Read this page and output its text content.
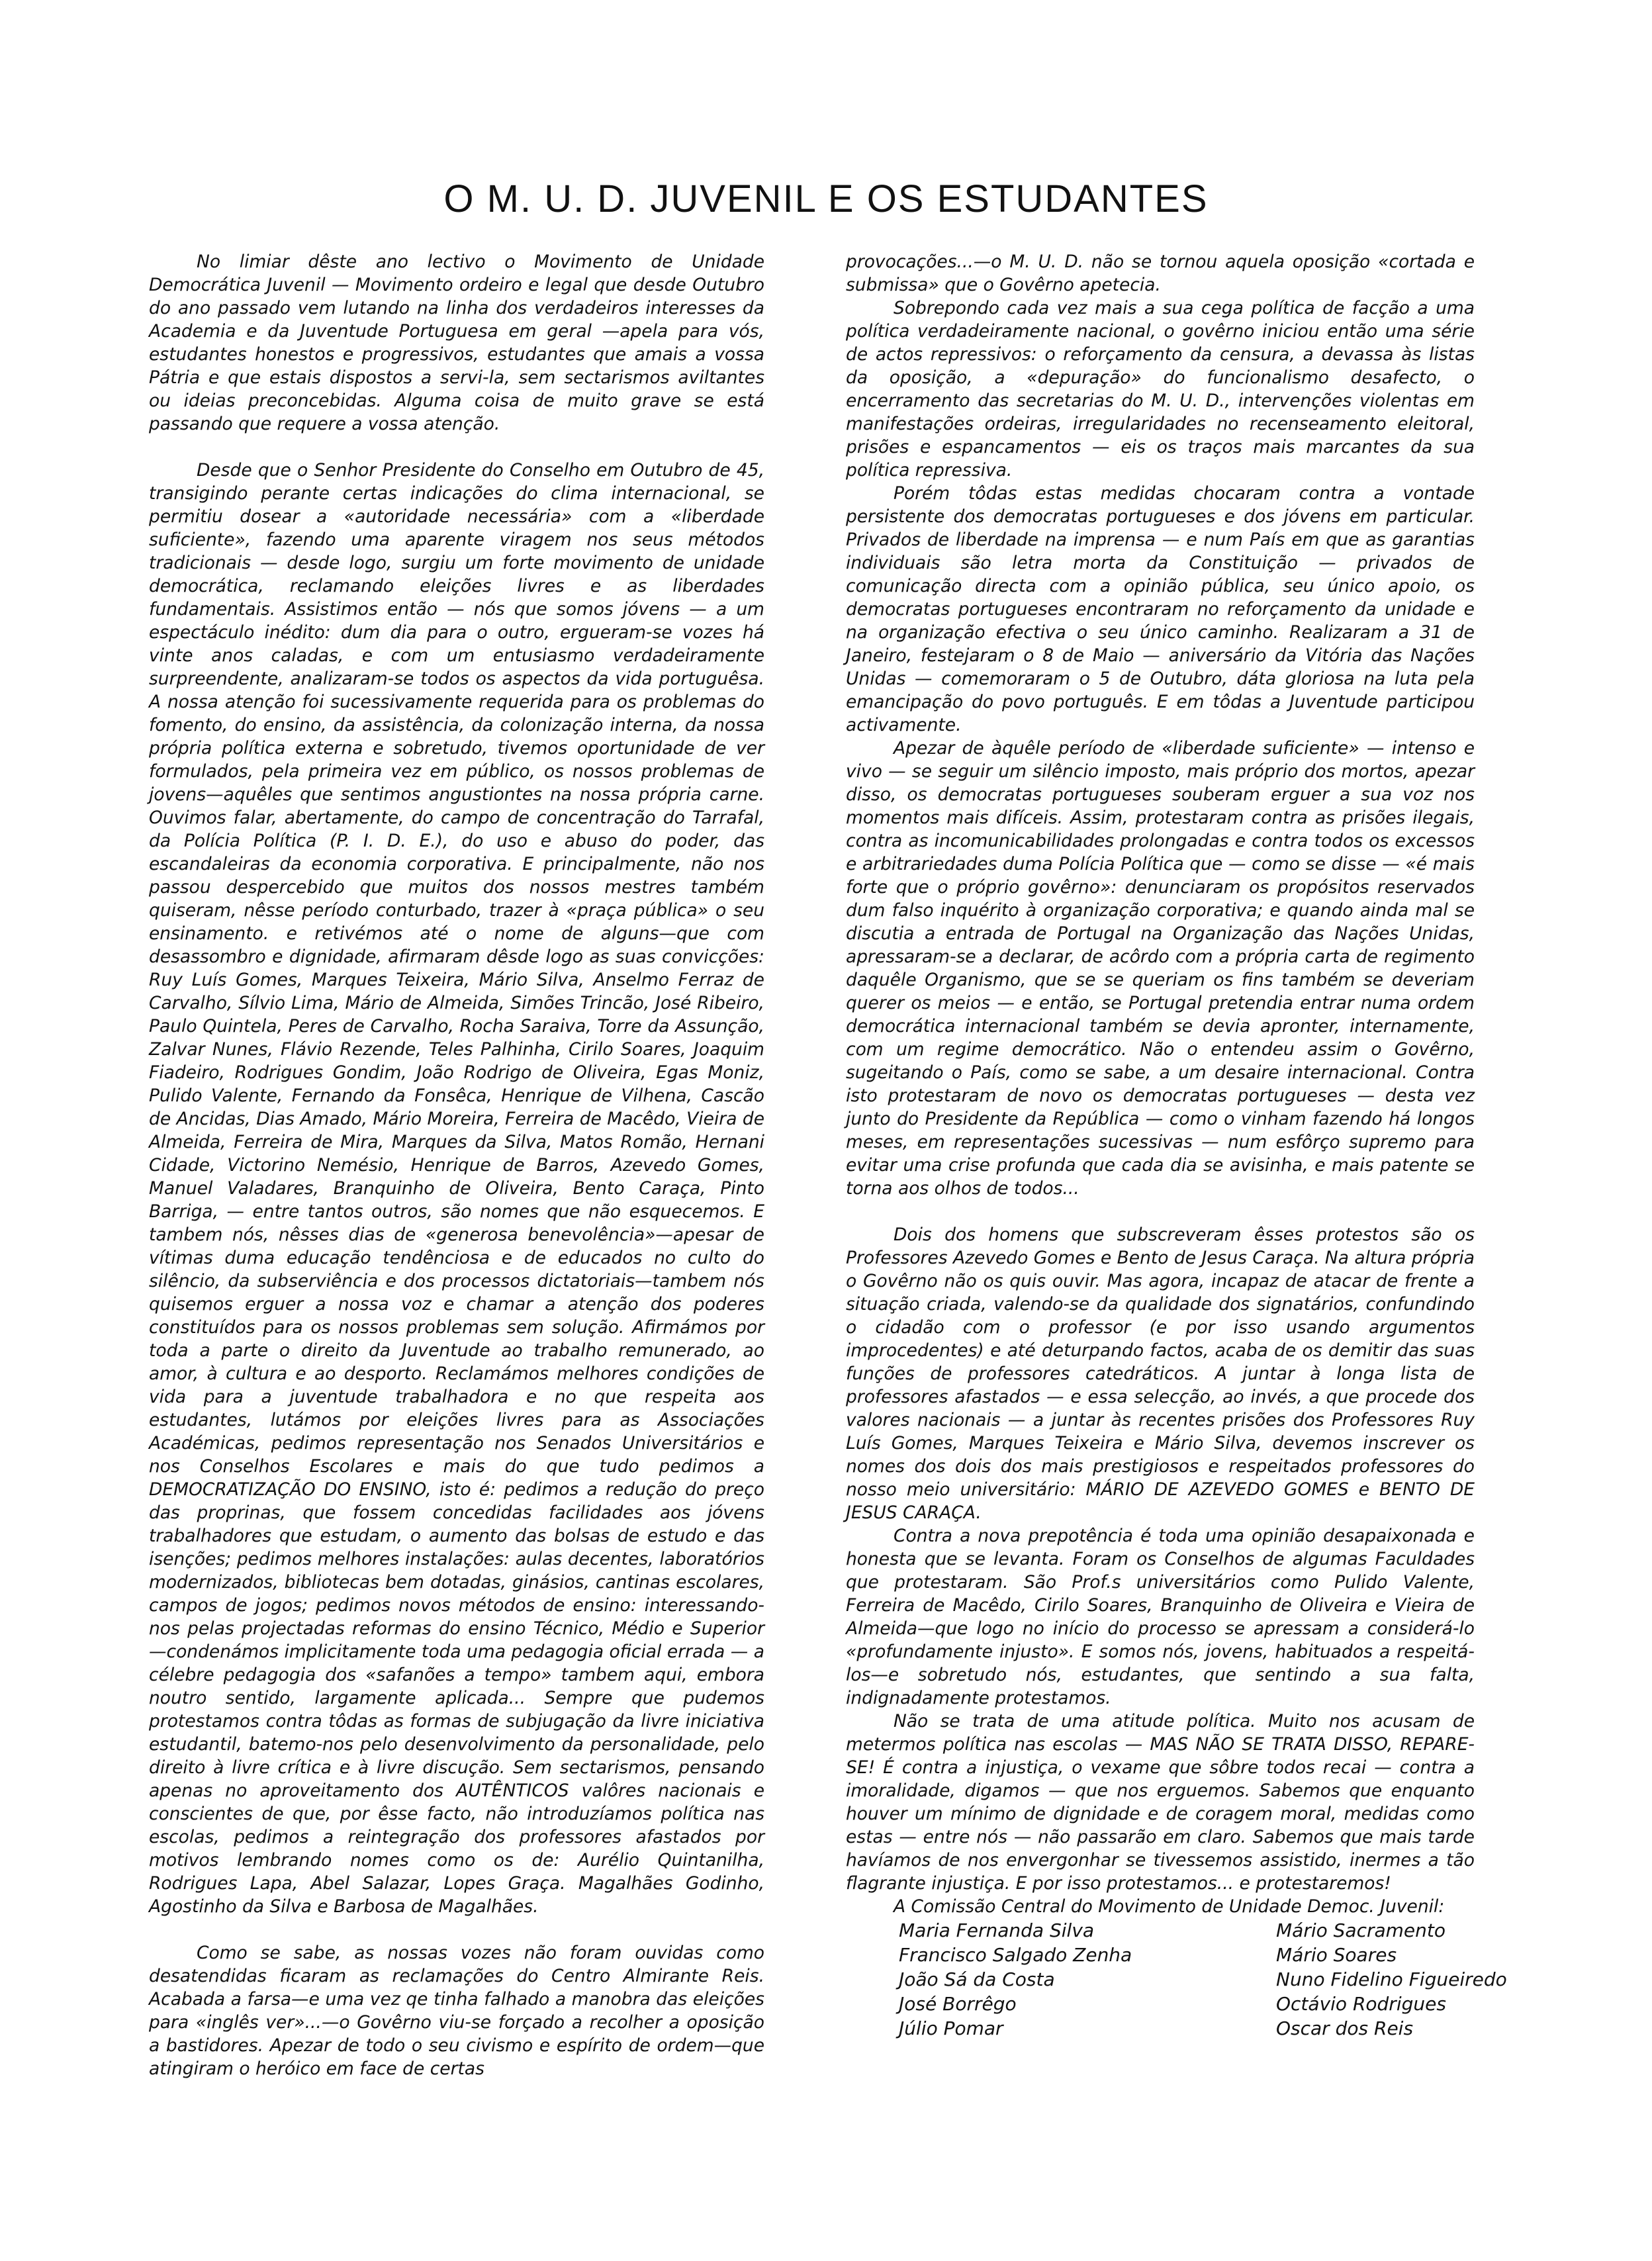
O M. U. D. JUVENIL E OS ESTUDANTES

No limiar dêste ano lectivo o Movimento de Unidade Democrática Juvenil — Movimento ordeiro e legal que desde Outubro do ano passado vem lutando na linha dos verdadeiros interesses da Academia e da Juventude Portuguesa em geral —apela para vós, estudantes honestos e progressivos, estudantes que amais a vossa Pátria e que estais dispostos a servi-la, sem sectarismos aviltantes ou ideias preconcebidas. Alguma coisa de muito grave se está passando que requere a vossa atenção.

Desde que o Senhor Presidente do Conselho em Outubro de 45, transigindo perante certas indicações do clima internacional, se permitiu dosear a «autoridade necessária» com a «liberdade suficiente», fazendo uma aparente viragem nos seus métodos tradicionais — desde logo, surgiu um forte movimento de unidade democrática, reclamando eleições livres e as liberdades fundamentais. Assistimos então — nós que somos jóvens — a um espectáculo inédito: dum dia para o outro, ergueram-se vozes há vinte anos caladas, e com um entusiasmo verdadeiramente surpreendente, analizaram-se todos os aspectos da vida portuguêsa. A nossa atenção foi sucessivamente requerida para os problemas do fomento, do ensino, da assistência, da colonização interna, da nossa própria política externa e sobretudo, tivemos oportunidade de ver formulados, pela primeira vez em público, os nossos problemas de jovens—aquêles que sentimos angustiontes na nossa própria carne. Ouvimos falar, abertamente, do campo de concentração do Tarrafal, da Polícia Política (P. I. D. E.), do uso e abuso do poder, das escandaleiras da economia corporativa. E principalmente, não nos passou despercebido que muitos dos nossos mestres também quiseram, nêsse período conturbado, trazer à «praça pública» o seu ensinamento. e retivémos até o nome de alguns—que com desassombro e dignidade, afirmaram dêsde logo as suas convicções: Ruy Luís Gomes, Marques Teixeira, Mário Silva, Anselmo Ferraz de Carvalho, Sílvio Lima, Mário de Almeida, Simões Trincão, José Ribeiro, Paulo Quintela, Peres de Carvalho, Rocha Saraiva, Torre da Assunção, Zalvar Nunes, Flávio Rezende, Teles Palhinha, Cirilo Soares, Joaquim Fiadeiro, Rodrigues Gondim, João Rodrigo de Oliveira, Egas Moniz, Pulido Valente, Fernando da Fonsêca, Henrique de Vilhena, Cascão de Ancidas, Dias Amado, Mário Moreira, Ferreira de Macêdo, Vieira de Almeida, Ferreira de Mira, Marques da Silva, Matos Romão, Hernani Cidade, Victorino Nemésio, Henrique de Barros, Azevedo Gomes, Manuel Valadares, Branquinho de Oliveira, Bento Caraça, Pinto Barriga, — entre tantos outros, são nomes que não esquecemos. E tambem nós, nêsses dias de «generosa benevolência»—apesar de vítimas duma educação tendênciosa e de educados no culto do silêncio, da subserviência e dos processos dictatoriais—tambem nós quisemos erguer a nossa voz e chamar a atenção dos poderes constituídos para os nossos problemas sem solução. Afirmámos por toda a parte o direito da Juventude ao trabalho remunerado, ao amor, à cultura e ao desporto. Reclamámos melhores condições de vida para a juventude trabalhadora e no que respeita aos estudantes, lutámos por eleições livres para as Associações Académicas, pedimos representação nos Senados Universitários e nos Conselhos Escolares e mais do que tudo pedimos a DEMOCRATIZAÇÃO DO ENSINO, isto é: pedimos a redução do preço das proprinas, que fossem concedidas facilidades aos jóvens trabalhadores que estudam, o aumento das bolsas de estudo e das isenções; pedimos melhores instalações: aulas decentes, laboratórios modernizados, bibliotecas bem dotadas, ginásios, cantinas escolares, campos de jogos; pedimos novos métodos de ensino: interessando-nos pelas projectadas reformas do ensino Técnico, Médio e Superior —condenámos implicitamente toda uma pedagogia oficial errada — a célebre pedagogia dos «safanões a tempo» tambem aqui, embora noutro sentido, largamente aplicada... Sempre que pudemos protestamos contra tôdas as formas de subjugação da livre iniciativa estudantil, batemo-nos pelo desenvolvimento da personalidade, pelo direito à livre crítica e à livre discução. Sem sectarismos, pensando apenas no aproveitamento dos AUTÊNTICOS valôres nacionais e conscientes de que, por êsse facto, não introduzíamos política nas escolas, pedimos a reintegração dos professores afastados por motivos lembrando nomes como os de: Aurélio Quintanilha, Rodrigues Lapa, Abel Salazar, Lopes Graça. Magalhães Godinho, Agostinho da Silva e Barbosa de Magalhães.

Como se sabe, as nossas vozes não foram ouvidas como desatendidas ficaram as reclamações do Centro Almirante Reis. Acabada a farsa—e uma vez qe tinha falhado a manobra das eleições para «inglês ver»...—o Govêrno viu-se forçado a recolher a oposição a bastidores. Apezar de todo o seu civismo e espírito de ordem—que atingiram o heróico em face de certas

provocações...—o M. U. D. não se tornou aquela oposição «cortada e submissa» que o Govêrno apetecia.

Sobrepondo cada vez mais a sua cega política de facção a uma política verdadeiramente nacional, o govêrno iniciou então uma série de actos repressivos: o reforçamento da censura, a devassa às listas da oposição, a «depuração» do funcionalismo desafecto, o encerramento das secretarias do M. U. D., intervenções violentas em manifestações ordeiras, irregularidades no recenseamento eleitoral, prisões e espancamentos — eis os traços mais marcantes da sua política repressiva.

Porém tôdas estas medidas chocaram contra a vontade persistente dos democratas portugueses e dos jóvens em particular. Privados de liberdade na imprensa — e num País em que as garantias individuais são letra morta da Constituição — privados de comunicação directa com a opinião pública, seu único apoio, os democratas portugueses encontraram no reforçamento da unidade e na organização efectiva o seu único caminho. Realizaram a 31 de Janeiro, festejaram o 8 de Maio — aniversário da Vitória das Nações Unidas — comemoraram o 5 de Outubro, dáta gloriosa na luta pela emancipação do povo português. E em tôdas a Juventude participou activamente.

Apezar de àquêle período de «liberdade suficiente» — intenso e vivo — se seguir um silêncio imposto, mais próprio dos mortos, apezar disso, os democratas portugueses souberam erguer a sua voz nos momentos mais difíceis. Assim, protestaram contra as prisões ilegais, contra as incomunicabilidades prolongadas e contra todos os excessos e arbitrariedades duma Polícia Política que — como se disse — «é mais forte que o próprio govêrno»: denunciaram os propósitos reservados dum falso inquérito à organização corporativa; e quando ainda mal se discutia a entrada de Portugal na Organização das Nações Unidas, apressaram-se a declarar, de acôrdo com a própria carta de regimento daquêle Organismo, que se se queriam os fins também se deveriam querer os meios — e então, se Portugal pretendia entrar numa ordem democrática internacional também se devia apronter, internamente, com um regime democrático. Não o entendeu assim o Govêrno, sugeitando o País, como se sabe, a um desaire internacional. Contra isto protestaram de novo os democratas portugueses — desta vez junto do Presidente da República — como o vinham fazendo há longos meses, em representações sucessivas — num esfôrço supremo para evitar uma crise profunda que cada dia se avisinha, e mais patente se torna aos olhos de todos...

Dois dos homens que subscreveram êsses protestos são os Professores Azevedo Gomes e Bento de Jesus Caraça. Na altura própria o Govêrno não os quis ouvir. Mas agora, incapaz de atacar de frente a situação criada, valendo-se da qualidade dos signatários, confundindo o cidadão com o professor (e por isso usando argumentos improcedentes) e até deturpando factos, acaba de os demitir das suas funções de professores catedráticos. A juntar à longa lista de professores afastados — e essa selecção, ao invés, a que procede dos valores nacionais — a juntar às recentes prisões dos Professores Ruy Luís Gomes, Marques Teixeira e Mário Silva, devemos inscrever os nomes dos dois dos mais prestigiosos e respeitados professores do nosso meio universitário: MÁRIO DE AZEVEDO GOMES e BENTO DE JESUS CARAÇA.

Contra a nova prepotência é toda uma opinião desapaixonada e honesta que se levanta. Foram os Conselhos de algumas Faculdades que protestaram. São Prof.s universitários como Pulido Valente, Ferreira de Macêdo, Cirilo Soares, Branquinho de Oliveira e Vieira de Almeida—que logo no início do processo se apressam a considerá-lo «profundamente injusto». E somos nós, jovens, habituados a respeitá-los—e sobretudo nós, estudantes, que sentindo a sua falta, indignadamente protestamos.

Não se trata de uma atitude política. Muito nos acusam de metermos política nas escolas — MAS NÃO SE TRATA DISSO, REPARE-SE! É contra a injustiça, o vexame que sôbre todos recai — contra a imoralidade, digamos — que nos erguemos. Sabemos que enquanto houver um mínimo de dignidade e de coragem moral, medidas como estas — entre nós — não passarão em claro. Sabemos que mais tarde havíamos de nos envergonhar se tivessemos assistido, inermes a tão flagrante injustiça. E por isso protestamos... e protestaremos!

A Comissão Central do Movimento de Unidade Democ. Juvenil:

Maria Fernanda Silva	Mário Sacramento
Francisco Salgado Zenha	Mário Soares
João Sá da Costa	Nuno Fidelino Figueiredo
José Borrêgo	Octávio Rodrigues
Júlio Pomar	Oscar dos Reis
